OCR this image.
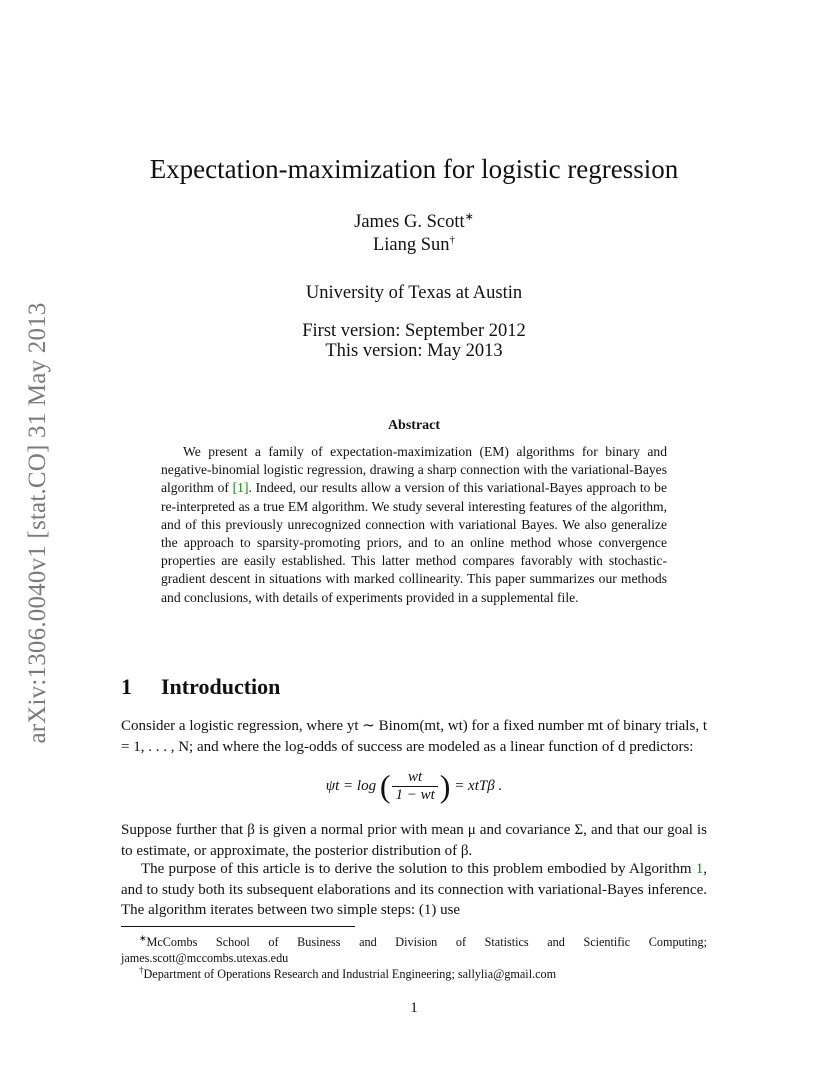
arXiv:1306.0040v1 [stat.CO] 31 May 2013
Expectation-maximization for logistic regression
James G. Scott∗
Liang Sun†
University of Texas at Austin
First version: September 2012
This version: May 2013
Abstract
We present a family of expectation-maximization (EM) algorithms for binary and negative-binomial logistic regression, drawing a sharp connection with the variational-Bayes algorithm of [1]. Indeed, our results allow a version of this variational-Bayes approach to be re-interpreted as a true EM algorithm. We study several interesting features of the algorithm, and of this previously unrecognized connection with variational Bayes. We also generalize the approach to sparsity-promoting priors, and to an online method whose convergence properties are easily established. This latter method compares favorably with stochastic-gradient descent in situations with marked collinearity. This paper summarizes our methods and conclusions, with details of experiments provided in a supplemental file.
1 Introduction
Consider a logistic regression, where yt ∼ Binom(mt, wt) for a fixed number mt of binary trials, t = 1, . . . , N; and where the log-odds of success are modeled as a linear function of d predictors:
ψt = log ( $\frac{wt}{1 - wt}$ ) = xtTβ .
Suppose further that β is given a normal prior with mean μ and covariance Σ, and that our goal is to estimate, or approximate, the posterior distribution of β.
The purpose of this article is to derive the solution to this problem embodied by Algorithm 1, and to study both its subsequent elaborations and its connection with variational-Bayes inference. The algorithm iterates between two simple steps: (1) use
∗McCombs School of Business and Division of Statistics and Scientific Computing; james.scott@mccombs.utexas.edu
†Department of Operations Research and Industrial Engineering; sallylia@gmail.com
1
